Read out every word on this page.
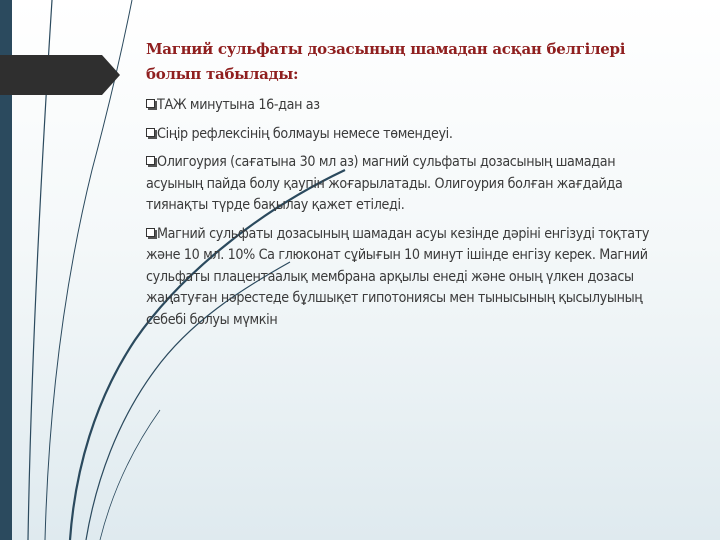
Магний сульфаты дозасының шамадан асқан белгілері болып табылады:

ТАЖ минутына 16-дан аз

Сіңір рефлексінің болмауы немесе төмендеуі.

Олигоурия (сағатына 30 мл аз) магний сульфаты дозасының шамадан асуының пайда болу қаупін жоғарылатады. Олигоурия болған жағдайда тиянақты түрде бақылау қажет етіледі.

Магний сульфаты дозасының шамадан асуы кезінде дәріні енгізуді тоқтату және 10 мл. 10% Са глюконат сұйығын 10 минут ішінде енгізу керек. Магний сульфаты плацентаалық мембрана арқылы енеді және оның үлкен дозасы жаңатуған нәрестеде бұлшықет гипотониясы мен тынысының қысылуының себебі болуы мүмкін
